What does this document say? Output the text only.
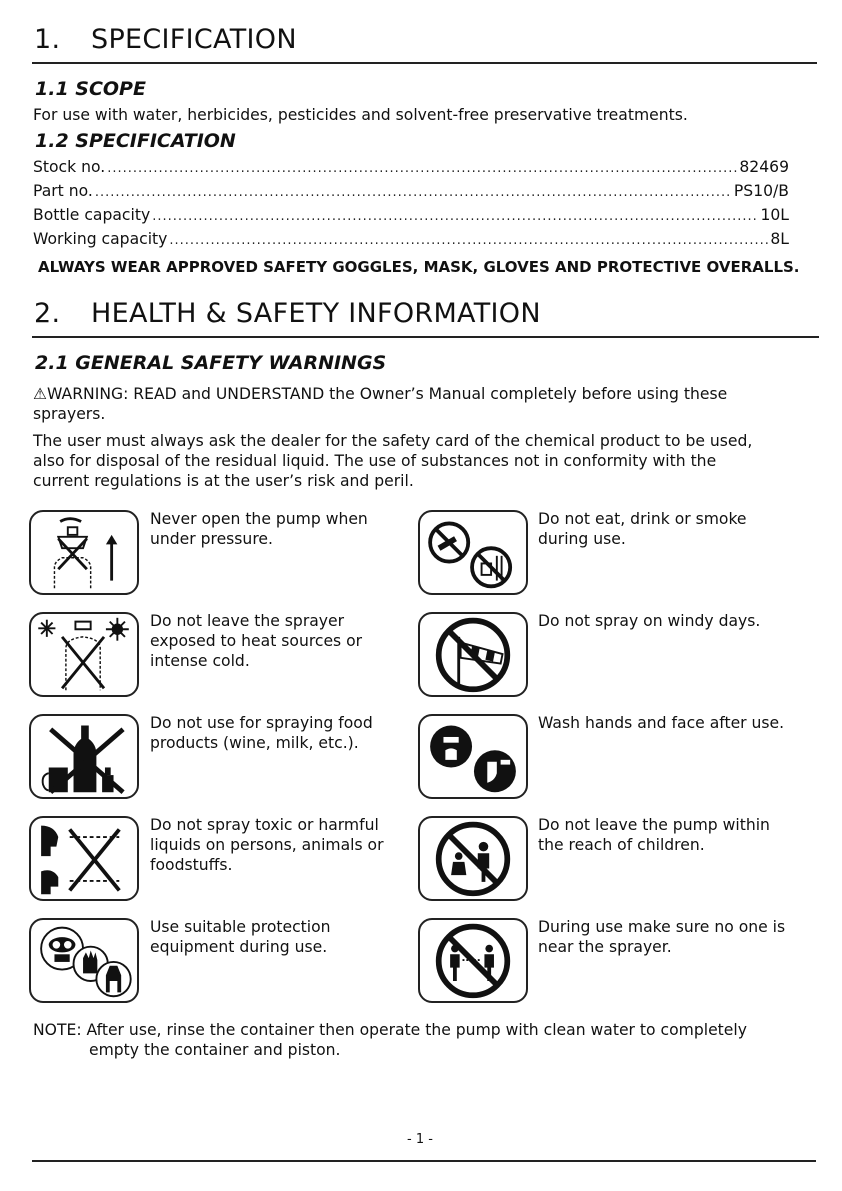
1. SPECIFICATION
1.1 SCOPE
For use with water, herbicides, pesticides and solvent-free preservative treatments.
1.2 SPECIFICATION
Stock no. .....	82469
Part no. .....	PS10/B
Bottle capacity .....	10L
Working capacity .....	8L
ALWAYS WEAR APPROVED SAFETY GOGGLES, MASK, GLOVES AND PROTECTIVE OVERALLS.
2. HEALTH & SAFETY INFORMATION
2.1 GENERAL SAFETY WARNINGS
⚠WARNING: READ and UNDERSTAND the Owner’s Manual completely before using these
sprayers.
The user must always ask the dealer for the safety card of the chemical product to be used,
also for disposal of the residual liquid. The use of substances not in conformity with the
current regulations is at the user’s risk and peril.
Never open the pump when
under pressure.
Do not eat, drink or smoke
during use.
Do not leave the sprayer
exposed to heat sources or
intense cold.
Do not spray on windy days.
Do not use for spraying food
products (wine, milk, etc.).
Wash hands and face after use.
Do not spray toxic or harmful
liquids on persons, animals or
foodstuffs.
Do not leave the pump within
the reach of children.
Use suitable protection
equipment during use.
During use make sure no one is
near the sprayer.
NOTE: After use, rinse the container then operate the pump with clean water to completely
empty the container and piston.
- 1 -
